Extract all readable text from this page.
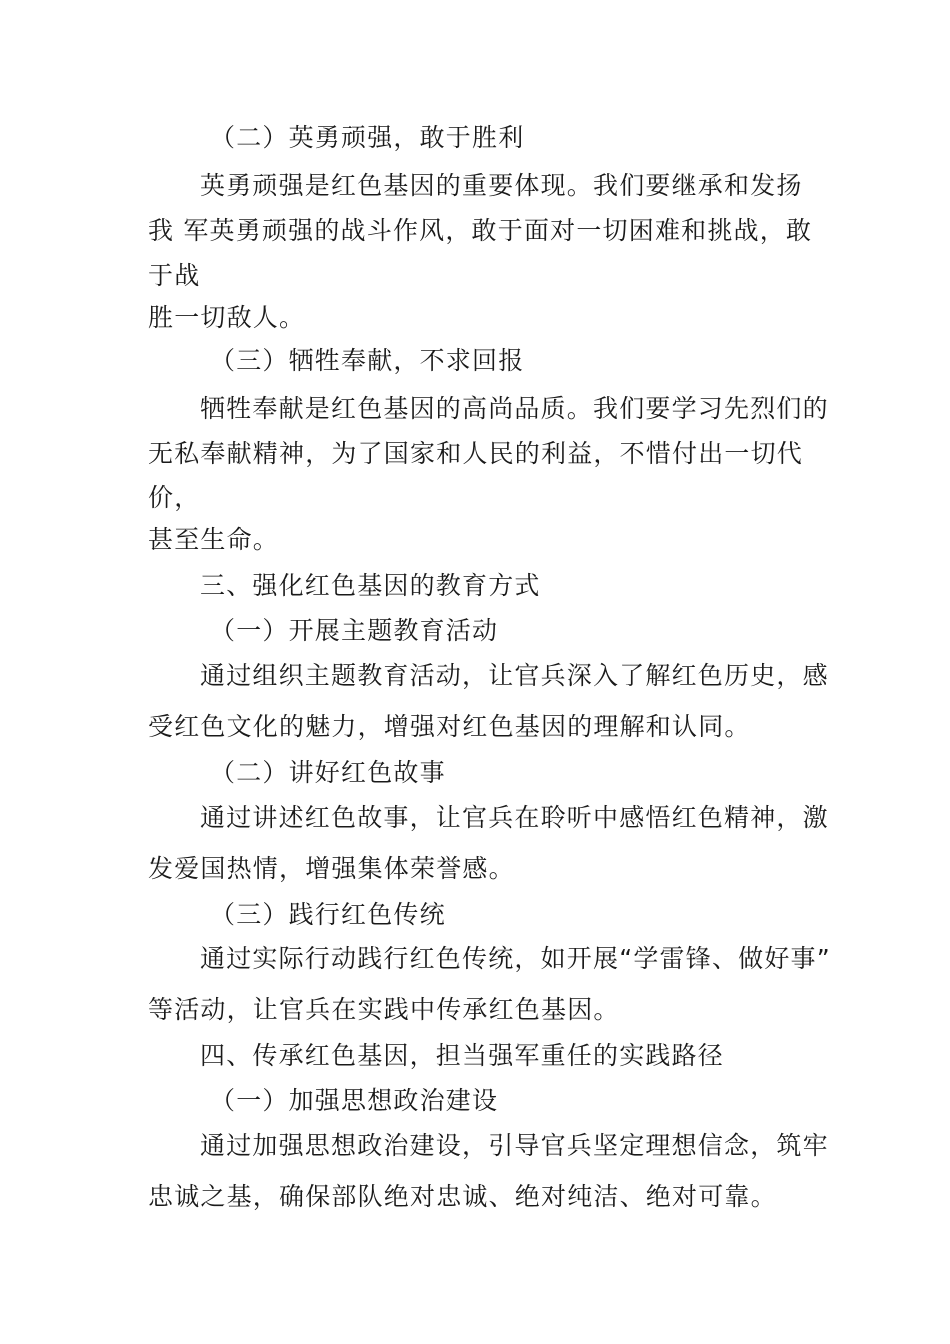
（二）英勇顽强，敢于胜利
英勇顽强是红色基因的重要体现。我们要继承和发扬
我 军英勇顽强的战斗作风，敢于面对一切困难和挑战，敢
于战
胜一切敌人。
（三）牺牲奉献，不求回报
牺牲奉献是红色基因的高尚品质。我们要学习先烈们的
无私奉献精神，为了国家和人民的利益，不惜付出一切代
价，
甚至生命。
三、强化红色基因的教育方式
（一）开展主题教育活动
通过组织主题教育活动，让官兵深入了解红色历史，感
受红色文化的魅力，增强对红色基因的理解和认同。
（二）讲好红色故事
通过讲述红色故事，让官兵在聆听中感悟红色精神，激
发爱国热情，增强集体荣誉感。
（三）践行红色传统
通过实际行动践行红色传统，如开展“学雷锋、做好事”
等活动，让官兵在实践中传承红色基因。
四、传承红色基因，担当强军重任的实践路径
（一）加强思想政治建设
通过加强思想政治建设，引导官兵坚定理想信念，筑牢
忠诚之基，确保部队绝对忠诚、绝对纯洁、绝对可靠。
